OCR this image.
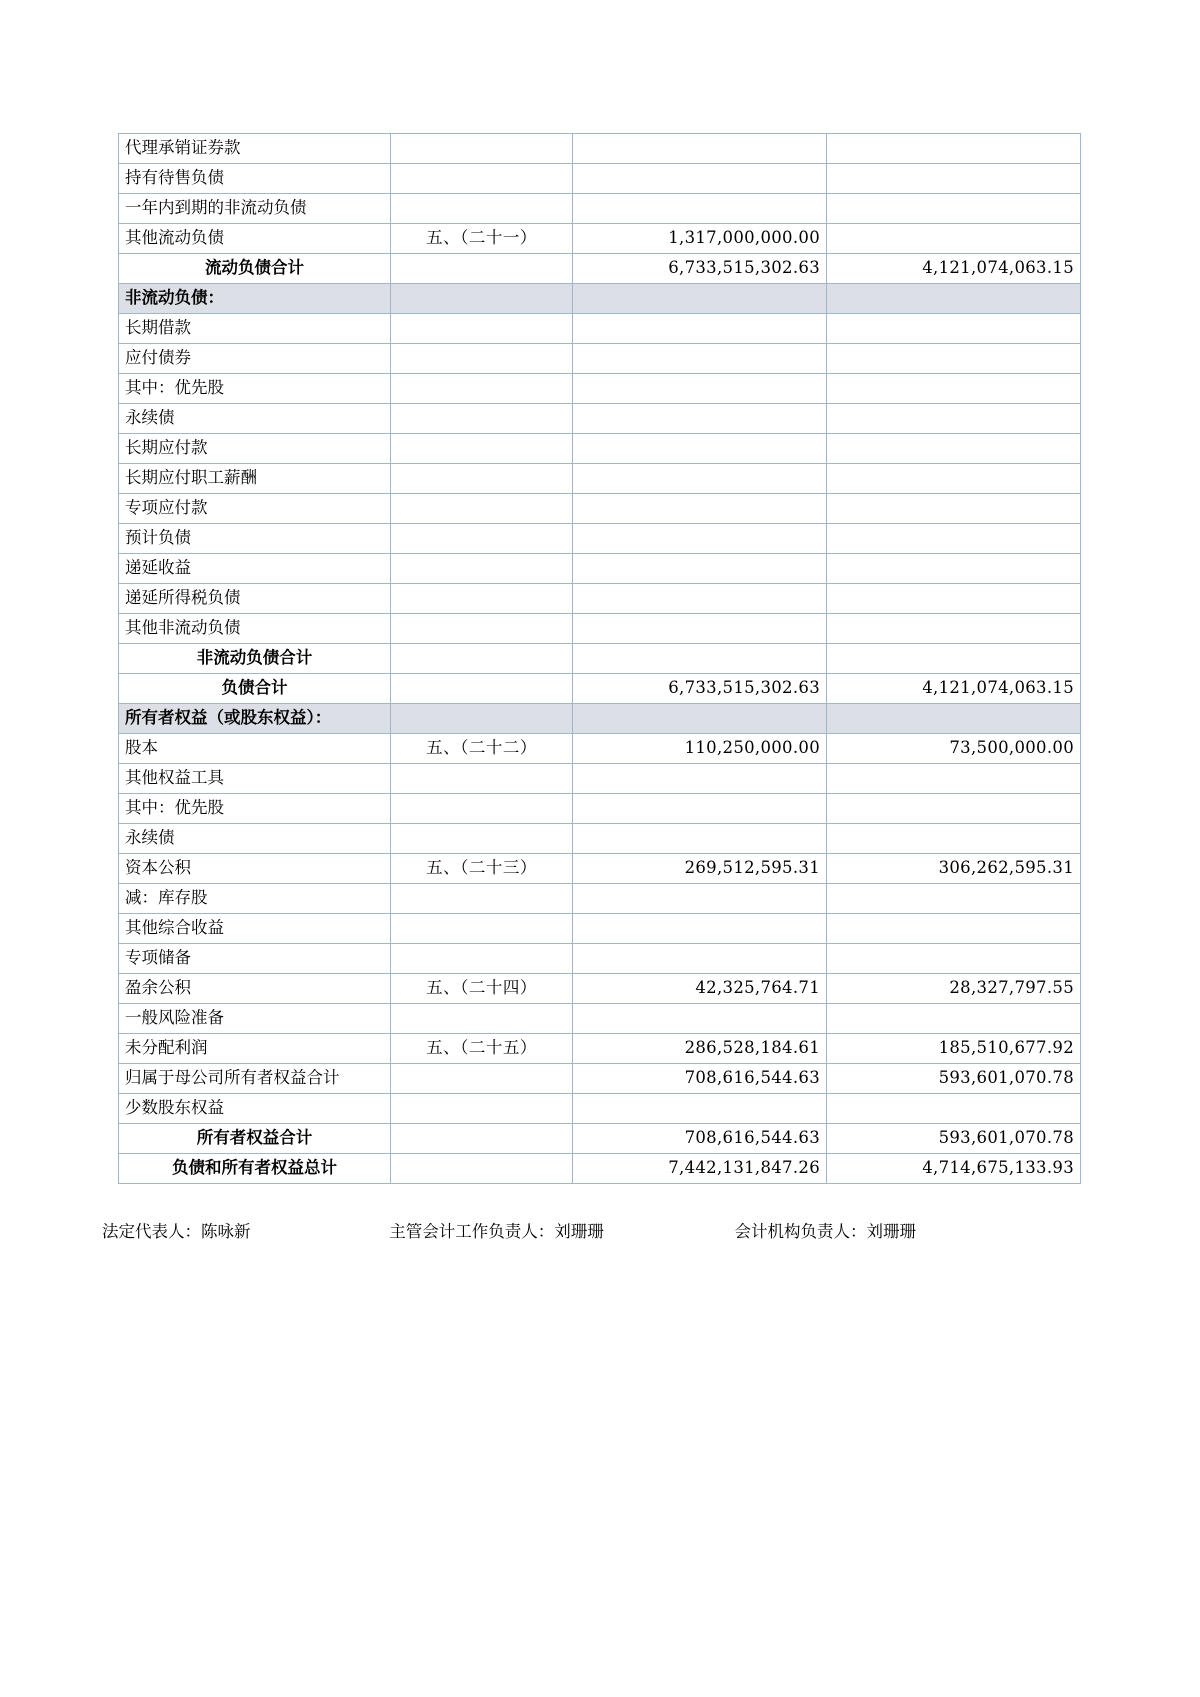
代理承销证券款			
持有待售负债			
一年内到期的非流动负债			
其他流动负债	五、（二十一）	1,317,000,000.00	
流动负债合计		6,733,515,302.63	4,121,074,063.15
非流动负债：			
长期借款			
应付债券			
其中：优先股			
永续债			
长期应付款			
长期应付职工薪酬			
专项应付款			
预计负债			
递延收益			
递延所得税负债			
其他非流动负债			
非流动负债合计			
负债合计		6,733,515,302.63	4,121,074,063.15
所有者权益（或股东权益）：			
股本	五、（二十二）	110,250,000.00	73,500,000.00
其他权益工具			
其中：优先股			
永续债			
资本公积	五、（二十三）	269,512,595.31	306,262,595.31
减：库存股			
其他综合收益			
专项储备			
盈余公积	五、（二十四）	42,325,764.71	28,327,797.55
一般风险准备			
未分配利润	五、（二十五）	286,528,184.61	185,510,677.92
归属于母公司所有者权益合计		708,616,544.63	593,601,070.78
少数股东权益			
所有者权益合计		708,616,544.63	593,601,070.78
负债和所有者权益总计		7,442,131,847.26	4,714,675,133.93
法定代表人：陈咏新	主管会计工作负责人：刘珊珊	会计机构负责人：刘珊珊
